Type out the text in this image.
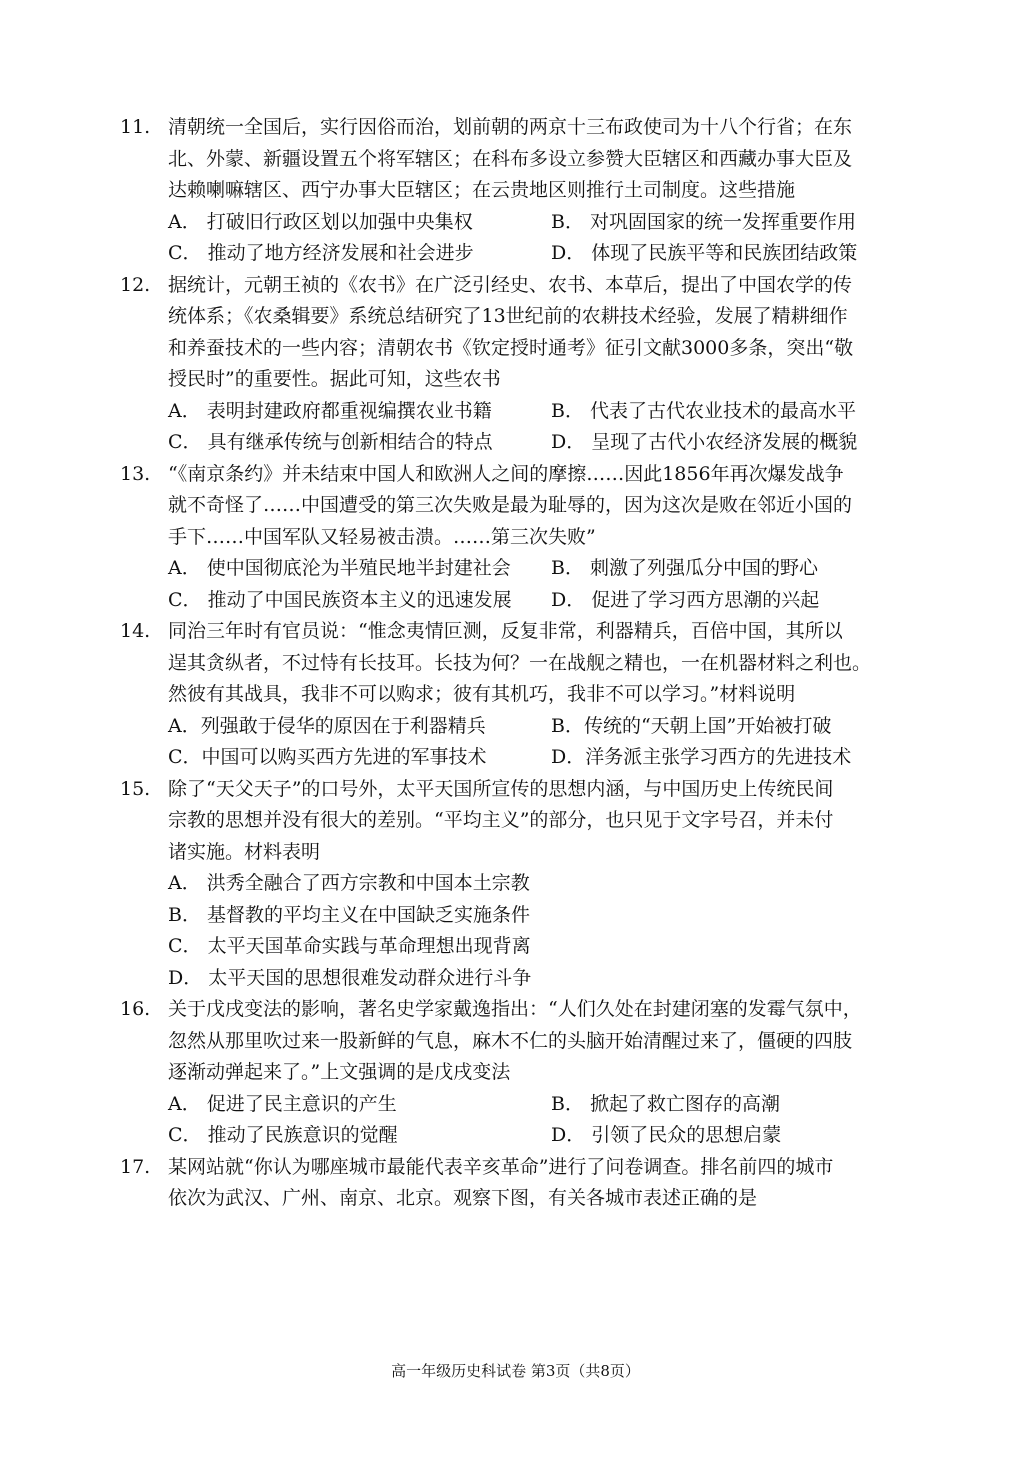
11. 清朝统一全国后，实行因俗而治，划前朝的两京十三布政使司为十八个行省；在东
北、外蒙、新疆设置五个将军辖区；在科布多设立参赞大臣辖区和西藏办事大臣及
达赖喇嘛辖区、西宁办事大臣辖区；在云贵地区则推行土司制度。这些措施
A． 打破旧行政区划以加强中央集权	B． 对巩固国家的统一发挥重要作用
C． 推动了地方经济发展和社会进步	D． 体现了民族平等和民族团结政策
12. 据统计，元朝王祯的《农书》在广泛引经史、农书、本草后，提出了中国农学的传
统体系；《农桑辑要》系统总结研究了13世纪前的农耕技术经验，发展了精耕细作
和养蚕技术的一些内容；清朝农书《钦定授时通考》征引文献3000多条，突出“敬
授民时”的重要性。据此可知，这些农书
A． 表明封建政府都重视编撰农业书籍	B． 代表了古代农业技术的最高水平
C． 具有继承传统与创新相结合的特点	D． 呈现了古代小农经济发展的概貌
13. “《南京条约》并未结束中国人和欧洲人之间的摩擦……因此1856年再次爆发战争
就不奇怪了……中国遭受的第三次失败是最为耻辱的，因为这次是败在邻近小国的
手下……中国军队又轻易被击溃。……第三次失败”
A． 使中国彻底沦为半殖民地半封建社会	B． 刺激了列强瓜分中国的野心
C． 推动了中国民族资本主义的迅速发展	D． 促进了学习西方思潮的兴起
14. 同治三年时有官员说：“惟念夷情叵测，反复非常，利器精兵，百倍中国，其所以
逞其贪纵者，不过恃有长技耳。长技为何？一在战舰之精也，一在机器材料之利也。
然彼有其战具，我非不可以购求；彼有其机巧，我非不可以学习。”材料说明
A．列强敢于侵华的原因在于利器精兵	B．传统的“天朝上国”开始被打破
C．中国可以购买西方先进的军事技术	D．洋务派主张学习西方的先进技术
15. 除了“天父天子”的口号外，太平天国所宣传的思想内涵，与中国历史上传统民间
宗教的思想并没有很大的差别。“平均主义”的部分，也只见于文字号召，并未付
诸实施。材料表明
A． 洪秀全融合了西方宗教和中国本土宗教
B． 基督教的平均主义在中国缺乏实施条件
C． 太平天国革命实践与革命理想出现背离
D． 太平天国的思想很难发动群众进行斗争
16. 关于戊戌变法的影响，著名史学家戴逸指出：“人们久处在封建闭塞的发霉气氛中，
忽然从那里吹过来一股新鲜的气息，麻木不仁的头脑开始清醒过来了，僵硬的四肢
逐渐动弹起来了。”上文强调的是戊戌变法
A． 促进了民主意识的产生	B． 掀起了救亡图存的高潮
C． 推动了民族意识的觉醒	D． 引领了民众的思想启蒙
17. 某网站就“你认为哪座城市最能代表辛亥革命”进行了问卷调查。排名前四的城市
依次为武汉、广州、南京、北京。观察下图，有关各城市表述正确的是
高一年级历史科试卷 第3页（共8页）
